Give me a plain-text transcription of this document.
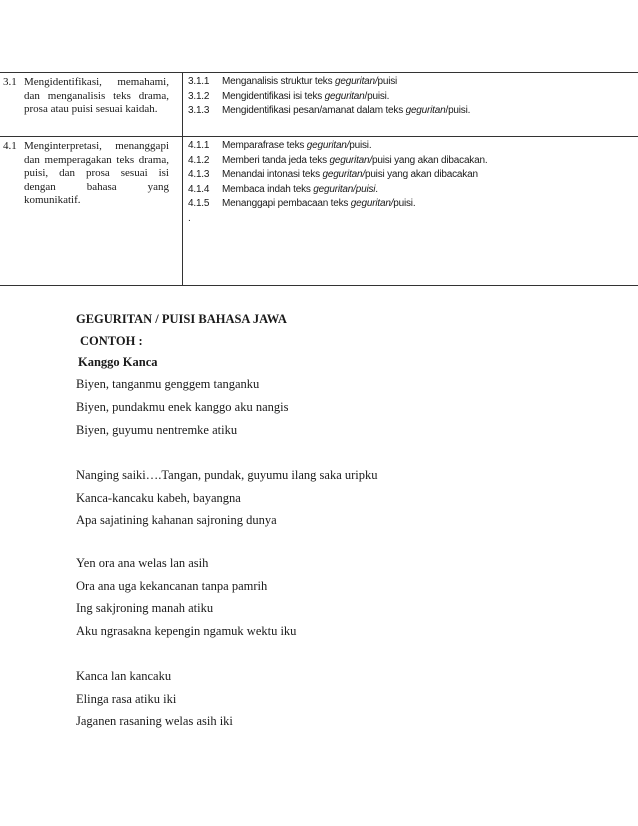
3.1 Mengidentifikasi, memahami, dan menganalisis teks drama, prosa atau puisi sesuai kaidah.
3.1.1 Menganalisis struktur teks geguritan/puisi
3.1.2 Mengidentifikasi isi teks geguritan/puisi.
3.1.3 Mengidentifikasi pesan/amanat dalam teks geguritan/puisi.
4.1 Menginterpretasi, menanggapi dan memperagakan teks drama, puisi, dan prosa sesuai isi dengan bahasa yang komunikatif.
4.1.1 Memparafrase teks geguritan/puisi.
4.1.2 Memberi tanda jeda teks geguritan/puisi yang akan dibacakan.
4.1.3 Menandai intonasi teks geguritan/puisi yang akan dibacakan
4.1.4 Membaca indah teks geguritan/puisi.
4.1.5 Menanggapi pembacaan teks geguritan/puisi.
.
GEGURITAN / PUISI BAHASA JAWA
CONTOH :
Kanggo Kanca
Biyen, tanganmu genggem tanganku
Biyen, pundakmu enek kanggo aku nangis
Biyen, guyumu nentremke atiku
Nanging saiki….Tangan, pundak, guyumu ilang saka uripku
Kanca-kancaku kabeh, bayangna
Apa sajatining kahanan sajroning dunya
Yen ora ana welas lan asih
Ora ana uga kekancanan tanpa pamrih
Ing sakjroning manah atiku
Aku ngrasakna kepengin ngamuk wektu iku
Kanca lan kancaku
Elinga rasa atiku iki
Jaganen rasaning welas asih iki
